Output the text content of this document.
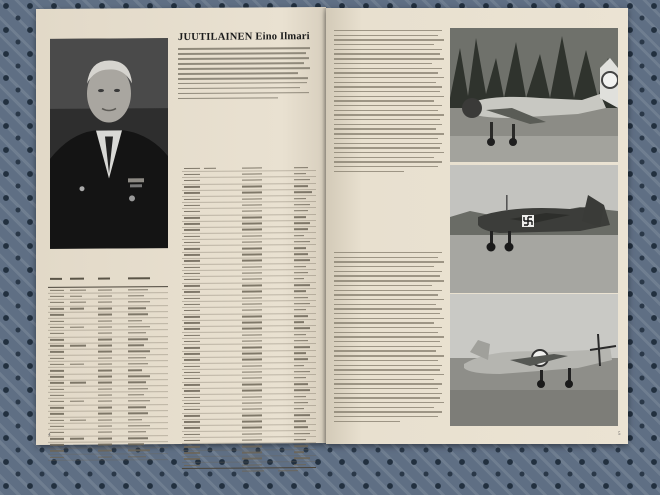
JUUTILAINEN Eino Ilmari
4	5
